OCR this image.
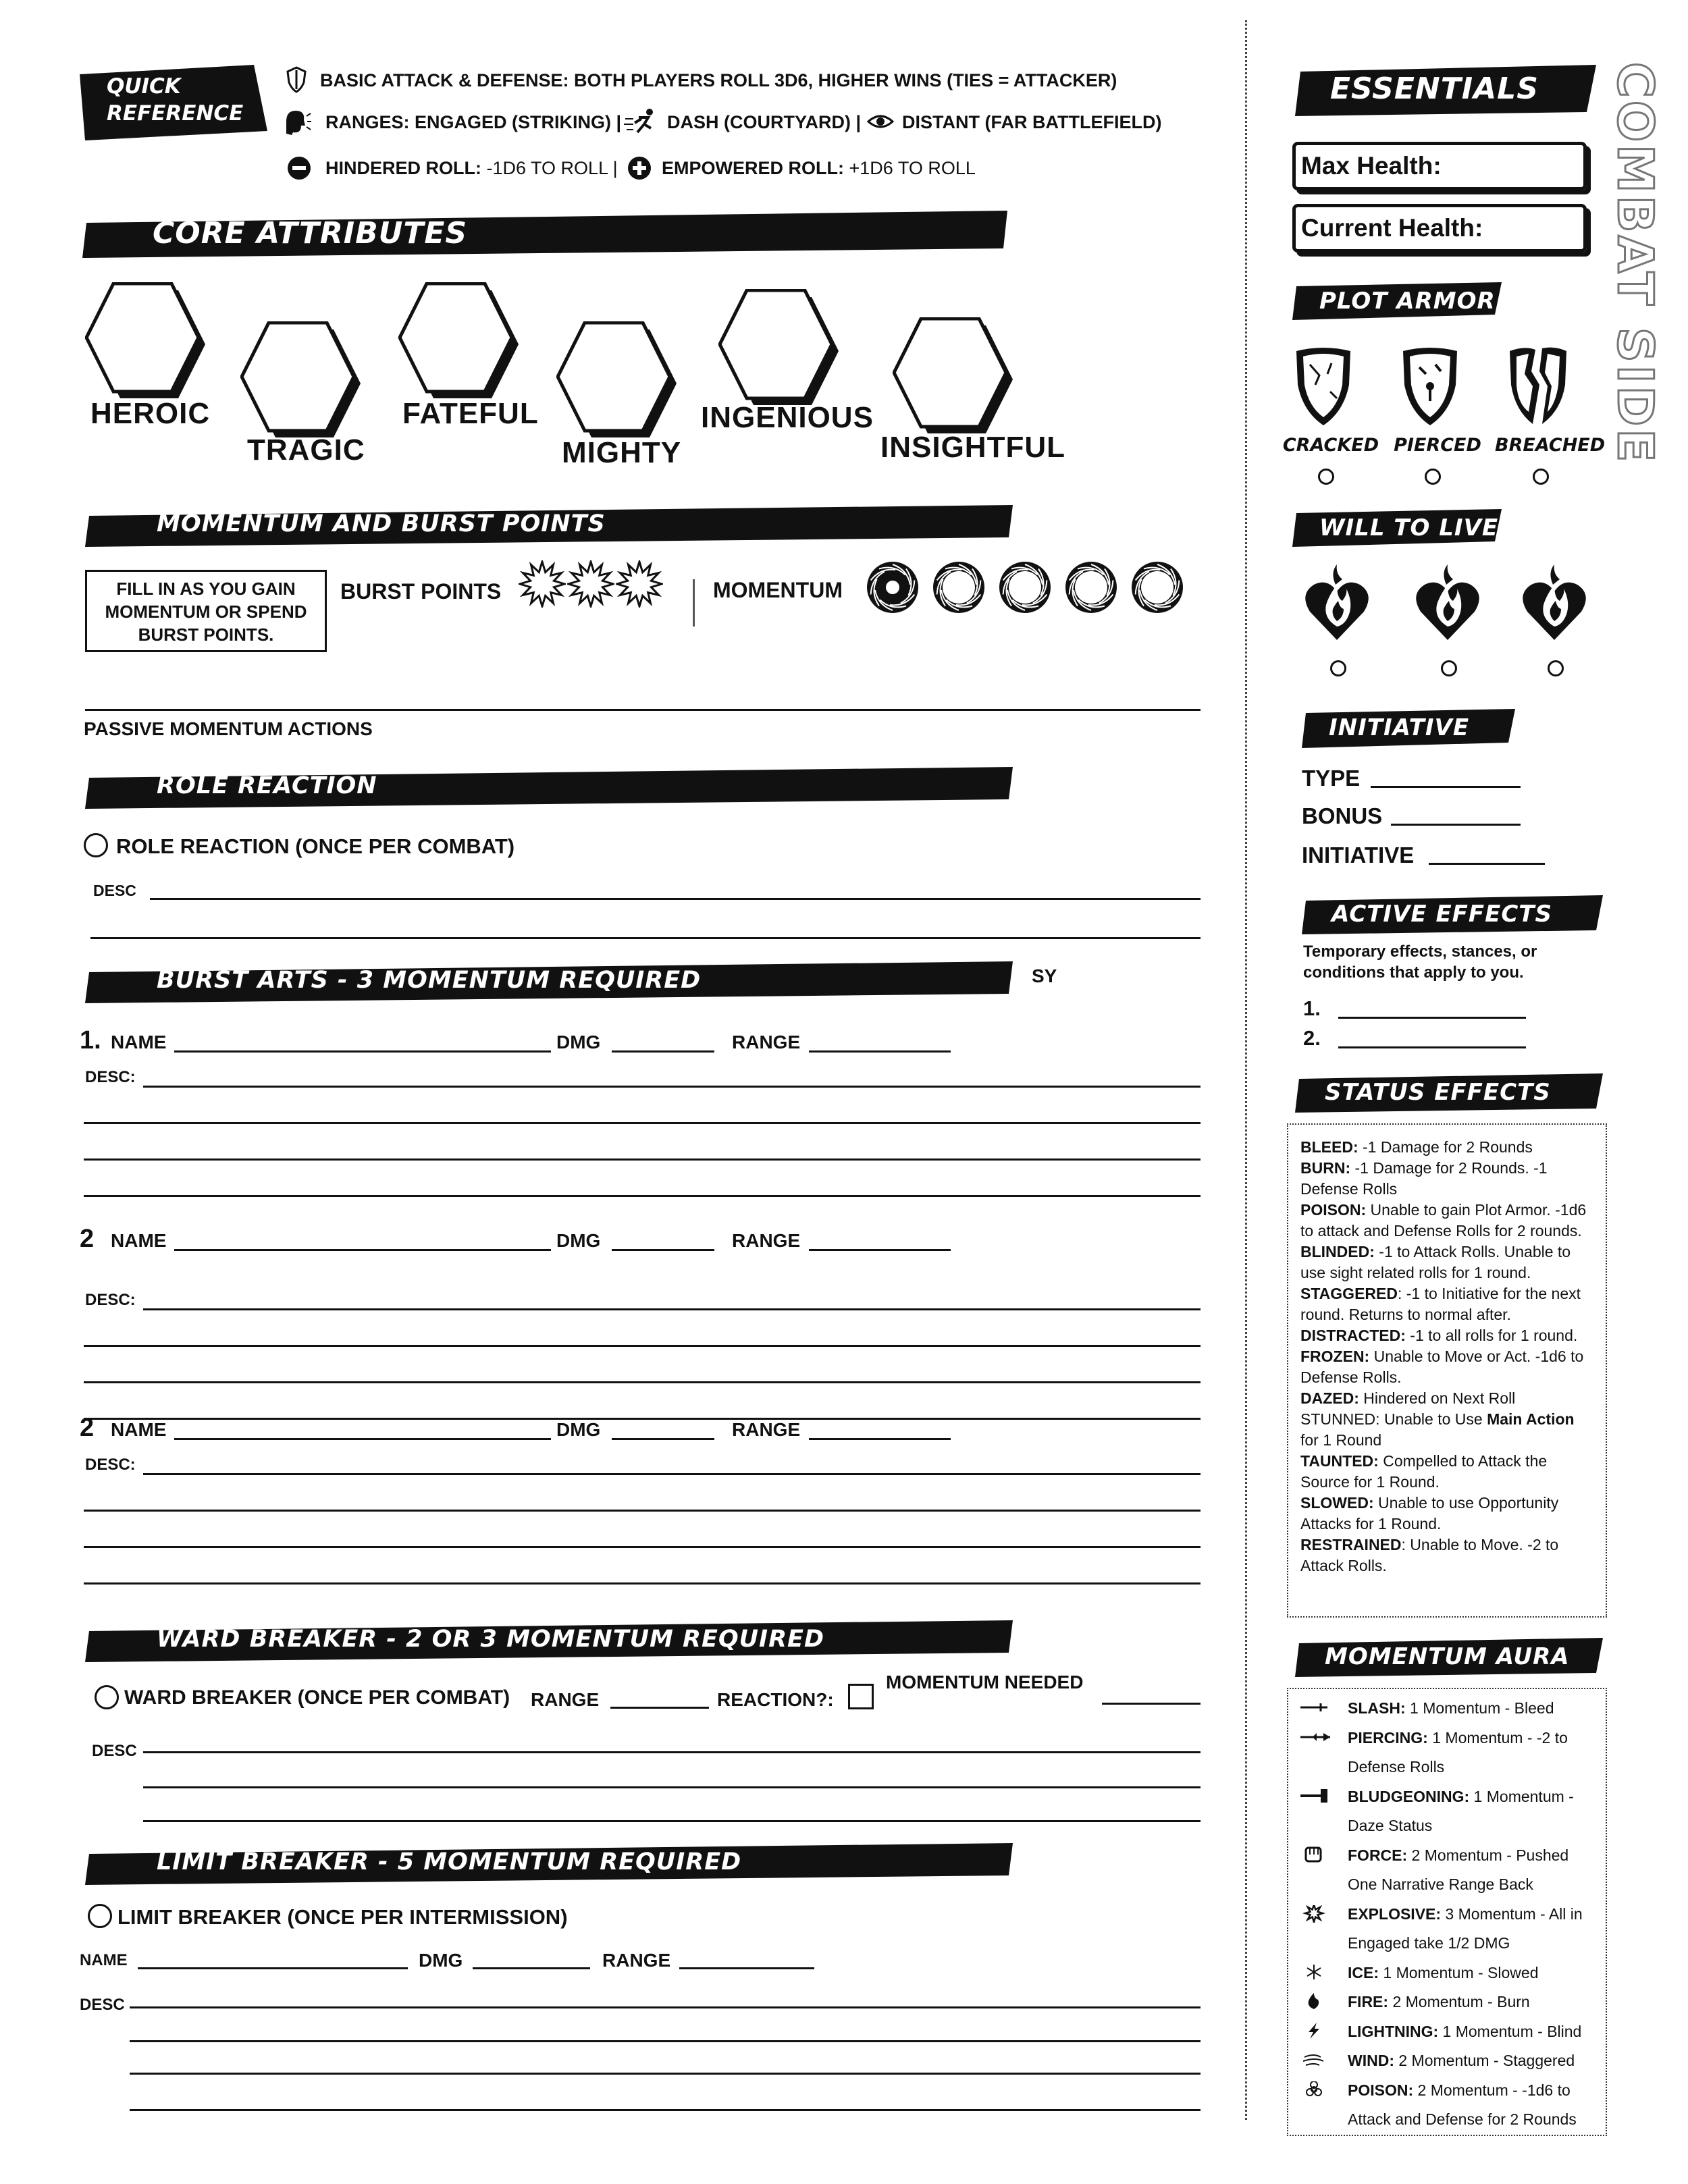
QUICK
REFERENCE
BASIC ATTACK & DEFENSE: BOTH PLAYERS ROLL 3D6, HIGHER WINS (TIES = ATTACKER)
RANGES: ENGAGED (STRIKING) |	DASH (COURTYARD) | DISTANT (FAR BATTLEFIELD)
HINDERED ROLL: -1D6 TO ROLL | EMPOWERED ROLL: +1D6 TO ROLL
CORE ATTRIBUTES
HEROIC
TRAGIC
FATEFUL
MIGHTY
INGENIOUS
INSIGHTFUL
MOMENTUM AND BURST POINTS
FILL IN AS YOU GAIN MOMENTUM OR SPEND BURST POINTS.
BURST POINTS	MOMENTUM
PASSIVE MOMENTUM ACTIONS
ROLE REACTION
ROLE REACTION (ONCE PER COMBAT)
DESC
BURST ARTS - 3 MOMENTUM REQUIRED	SY
1. NAME	DMG	RANGE
DESC:
2 NAME	DMG	RANGE
DESC:
2 NAME	DMG	RANGE
DESC:
WARD BREAKER - 2 OR 3 MOMENTUM REQUIRED
WARD BREAKER (ONCE PER COMBAT) RANGE	REACTION?:
MOMENTUM NEEDED
DESC
LIMIT BREAKER - 5 MOMENTUM REQUIRED
LIMIT BREAKER (ONCE PER INTERMISSION)
NAME	DMG	RANGE
DESC
COMBAT SIDE
ESSENTIALS
Max Health:
Current Health:
PLOT ARMOR
CRACKED PIERCED BREACHED
WILL TO LIVE
INITIATIVE
TYPE
BONUS
INITIATIVE
ACTIVE EFFECTS
Temporary effects, stances, or conditions that apply to you.
1.
2.
STATUS EFFECTS
BLEED: -1 Damage for 2 Rounds
BURN: -1 Damage for 2 Rounds. -1 Defense Rolls
POISON: Unable to gain Plot Armor. -1d6 to attack and Defense Rolls for 2 rounds.
BLINDED: -1 to Attack Rolls. Unable to use sight related rolls for 1 round.
STAGGERED: -1 to Initiative for the next round. Returns to normal after.
DISTRACTED: -1 to all rolls for 1 round.
FROZEN: Unable to Move or Act. -1d6 to Defense Rolls.
DAZED: Hindered on Next Roll
STUNNED: Unable to Use Main Action for 1 Round
TAUNTED: Compelled to Attack the Source for 1 Round.
SLOWED: Unable to use Opportunity Attacks for 1 Round.
RESTRAINED: Unable to Move. -2 to Attack Rolls.
MOMENTUM AURA
SLASH: 1 Momentum - Bleed
PIERCING: 1 Momentum - -2 to
Defense Rolls
BLUDGEONING: 1 Momentum -
Daze Status
FORCE: 2 Momentum - Pushed
One Narrative Range Back
EXPLOSIVE: 3 Momentum - All in
Engaged take 1/2 DMG
ICE: 1 Momentum - Slowed
FIRE: 2 Momentum - Burn
LIGHTNING: 1 Momentum - Blind
WIND: 2 Momentum - Staggered
POISON: 2 Momentum - -1d6 to
Attack and Defense for 2 Rounds
